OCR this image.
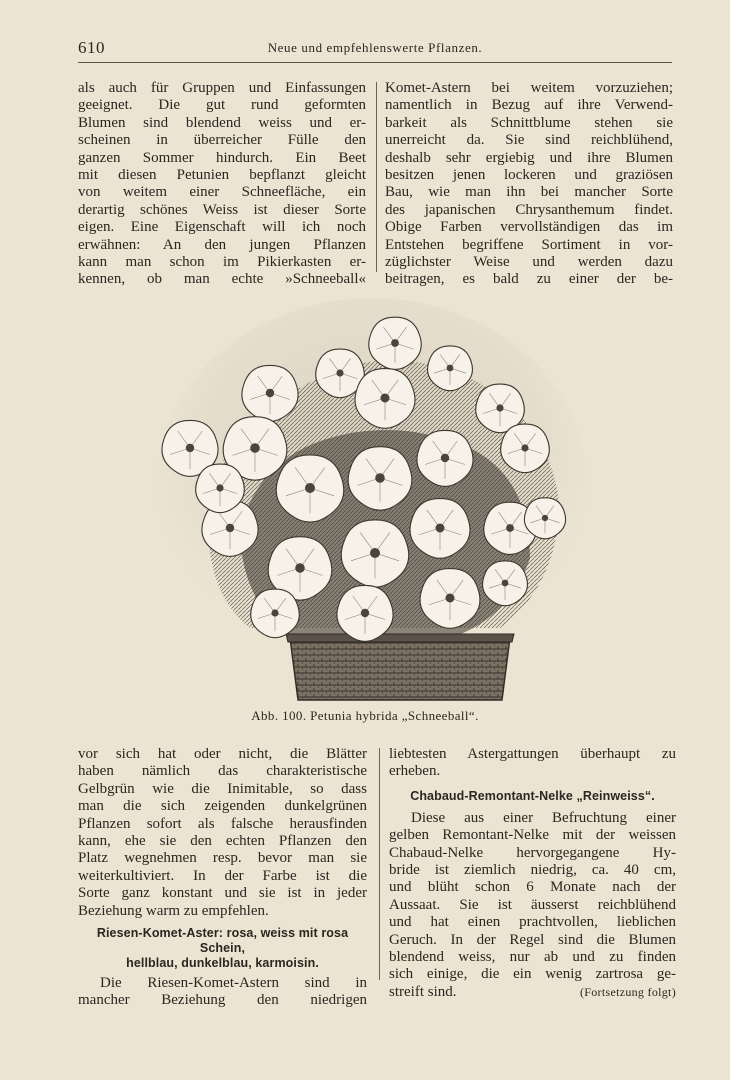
610	Neue und empfehlenswerte Pflanzen.
als auch für Gruppen und Einfassungen
geeignet. Die gut rund geformten
Blumen sind blendend weiss und er-
scheinen in überreicher Fülle den
ganzen Sommer hindurch. Ein Beet
mit diesen Petunien bepflanzt gleicht
von weitem einer Schneefläche, ein
derartig schönes Weiss ist dieser Sorte
eigen. Eine Eigenschaft will ich noch
erwähnen: An den jungen Pflanzen
kann man schon im Pikierkasten er-
kennen, ob man echte »Schneeball«
Komet-Astern bei weitem vorzuziehen;
namentlich in Bezug auf ihre Verwend-
barkeit als Schnittblume stehen sie
unerreicht da. Sie sind reichblühend,
deshalb sehr ergiebig und ihre Blumen
besitzen jenen lockeren und graziösen
Bau, wie man ihn bei mancher Sorte
des japanischen Chrysanthemum findet.
Obige Farben vervollständigen das im
Entstehen begriffene Sortiment in vor-
züglichster Weise und werden dazu
beitragen, es bald zu einer der be-
Abb. 100. Petunia hybrida „Schneeball“.
vor sich hat oder nicht, die Blätter
haben nämlich das charakteristische
Gelbgrün wie die Inimitable, so dass
man die sich zeigenden dunkelgrünen
Pflanzen sofort als falsche herausfinden
kann, ehe sie den echten Pflanzen den
Platz wegnehmen resp. bevor man sie
weiterkultiviert. In der Farbe ist die
Sorte ganz konstant und sie ist in jeder
Beziehung warm zu empfehlen.
Riesen-Komet-Aster: rosa, weiss mit rosa Schein,
hellblau, dunkelblau, karmoisin.
Die Riesen-Komet-Astern sind in
mancher Beziehung den niedrigen
liebtesten Astergattungen überhaupt zu
erheben.
Chabaud-Remontant-Nelke „Reinweiss“.
Diese aus einer Befruchtung einer
gelben Remontant-Nelke mit der weissen
Chabaud-Nelke hervorgegangene Hy-
bride ist ziemlich niedrig, ca. 40 cm,
und blüht schon 6 Monate nach der
Aussaat. Sie ist äusserst reichblühend
und hat einen prachtvollen, lieblichen
Geruch. In der Regel sind die Blumen
blendend weiss, nur ab und zu finden
sich einige, die ein wenig zartrosa ge-
streift sind.	(Fortsetzung folgt)
